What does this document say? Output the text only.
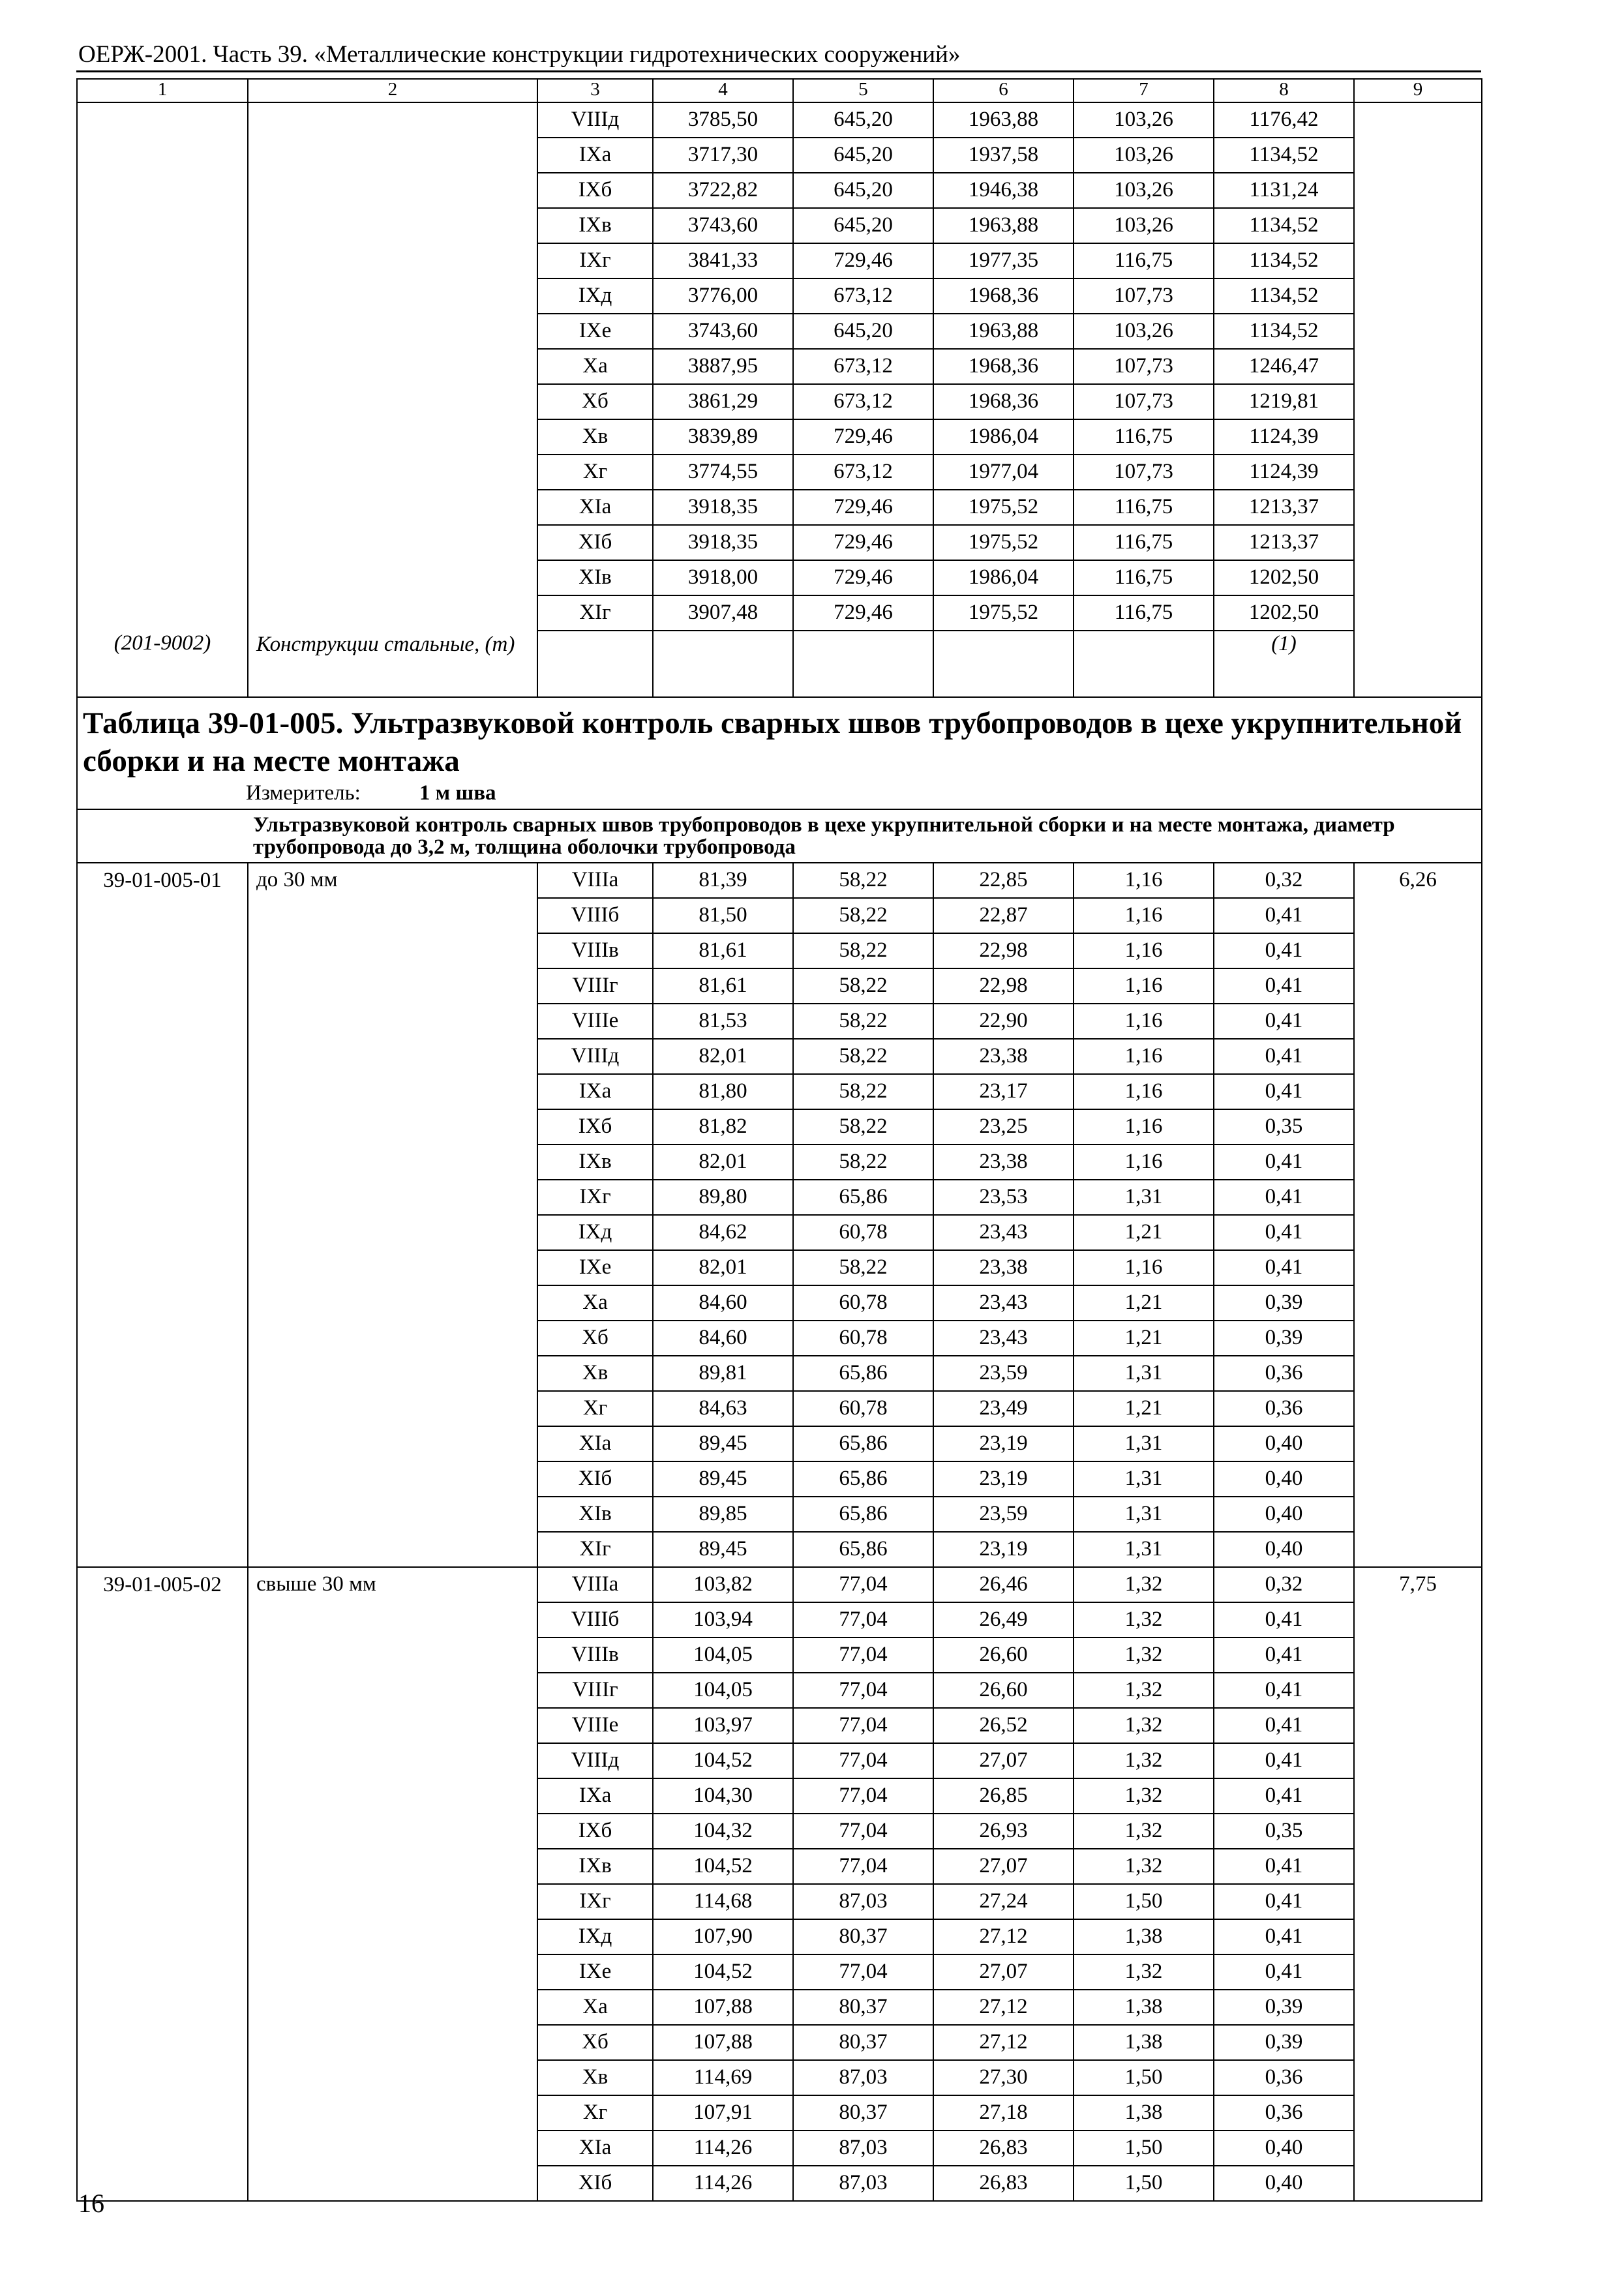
ОЕРЖ-2001. Часть 39. «Металлические конструкции гидротехнических сооружений»
1	2	3	4	5	6	7	8	9
		VIIIд	3785,50	645,20	1963,88	103,26	1176,42	
		IXа	3717,30	645,20	1937,58	103,26	1134,52	
		IXб	3722,82	645,20	1946,38	103,26	1131,24	
		IXв	3743,60	645,20	1963,88	103,26	1134,52	
		IXг	3841,33	729,46	1977,35	116,75	1134,52	
		IXд	3776,00	673,12	1968,36	107,73	1134,52	
		IXе	3743,60	645,20	1963,88	103,26	1134,52	
		Xа	3887,95	673,12	1968,36	107,73	1246,47	
		Xб	3861,29	673,12	1968,36	107,73	1219,81	
		Xв	3839,89	729,46	1986,04	116,75	1124,39	
		Xг	3774,55	673,12	1977,04	107,73	1124,39	
		XIа	3918,35	729,46	1975,52	116,75	1213,37	
		XIб	3918,35	729,46	1975,52	116,75	1213,37	
		XIв	3918,00	729,46	1986,04	116,75	1202,50	
		XIг	3907,48	729,46	1975,52	116,75	1202,50	

(201-9002)	Конструкции стальные, (т)						(1)	

Таблица 39-01-005. Ультразвуковой контроль сварных швов трубопроводов в цехе укрупнительной сборки и на месте монтажа
Измеритель: 1 м шва								

Ультразвуковой контроль сварных швов трубопроводов в цехе укрупнительной сборки и на месте монтажа, диаметр трубопровода до 3,2 м, толщина оболочки трубопровода								
39-01-005-01	до 30 мм	VIIIа	81,39	58,22	22,85	1,16	0,32	6,26
		VIIIб	81,50	58,22	22,87	1,16	0,41	
		VIIIв	81,61	58,22	22,98	1,16	0,41	
		VIIIг	81,61	58,22	22,98	1,16	0,41	
		VIIIе	81,53	58,22	22,90	1,16	0,41	
		VIIIд	82,01	58,22	23,38	1,16	0,41	
		IXа	81,80	58,22	23,17	1,16	0,41	
		IXб	81,82	58,22	23,25	1,16	0,35	
		IXв	82,01	58,22	23,38	1,16	0,41	
		IXг	89,80	65,86	23,53	1,31	0,41	
		IXд	84,62	60,78	23,43	1,21	0,41	
		IXе	82,01	58,22	23,38	1,16	0,41	
		Xа	84,60	60,78	23,43	1,21	0,39	
		Xб	84,60	60,78	23,43	1,21	0,39	
		Xв	89,81	65,86	23,59	1,31	0,36	
		Xг	84,63	60,78	23,49	1,21	0,36	
		XIа	89,45	65,86	23,19	1,31	0,40	
		XIб	89,45	65,86	23,19	1,31	0,40	
		XIв	89,85	65,86	23,59	1,31	0,40	
		XIг	89,45	65,86	23,19	1,31	0,40	
39-01-005-02	свыше 30 мм	VIIIа	103,82	77,04	26,46	1,32	0,32	7,75
		VIIIб	103,94	77,04	26,49	1,32	0,41	
		VIIIв	104,05	77,04	26,60	1,32	0,41	
		VIIIг	104,05	77,04	26,60	1,32	0,41	
		VIIIе	103,97	77,04	26,52	1,32	0,41	
		VIIIд	104,52	77,04	27,07	1,32	0,41	
		IXа	104,30	77,04	26,85	1,32	0,41	
		IXб	104,32	77,04	26,93	1,32	0,35	
		IXв	104,52	77,04	27,07	1,32	0,41	
		IXг	114,68	87,03	27,24	1,50	0,41	
		IXд	107,90	80,37	27,12	1,38	0,41	
		IXе	104,52	77,04	27,07	1,32	0,41	
		Xа	107,88	80,37	27,12	1,38	0,39	
		Xб	107,88	80,37	27,12	1,38	0,39	
		Xв	114,69	87,03	27,30	1,50	0,36	
		Xг	107,91	80,37	27,18	1,38	0,36	
		XIа	114,26	87,03	26,83	1,50	0,40	
		XIб	114,26	87,03	26,83	1,50	0,40	
16
